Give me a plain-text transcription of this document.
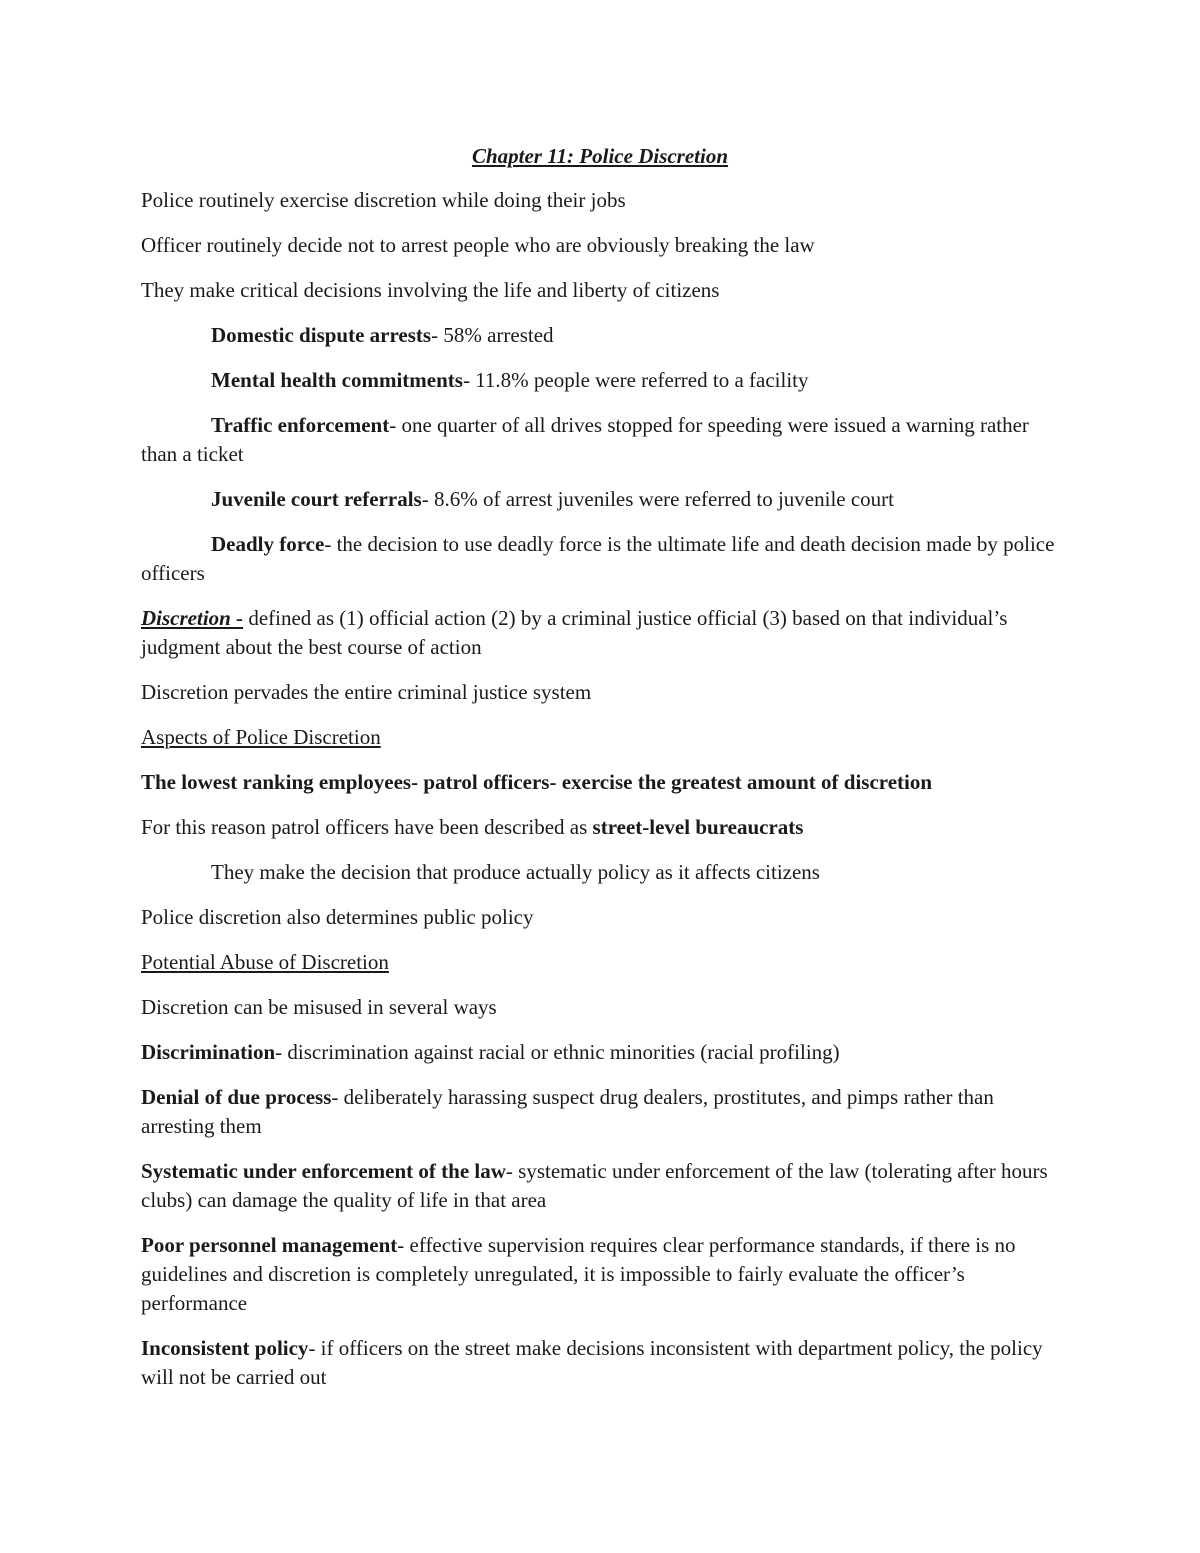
Chapter 11: Police Discretion

Police routinely exercise discretion while doing their jobs

Officer routinely decide not to arrest people who are obviously breaking the law

They make critical decisions involving the life and liberty of citizens

Domestic dispute arrests- 58% arrested

Mental health commitments- 11.8% people were referred to a facility

Traffic enforcement- one quarter of all drives stopped for speeding were issued a warning rather than a ticket

Juvenile court referrals- 8.6% of arrest juveniles were referred to juvenile court

Deadly force- the decision to use deadly force is the ultimate life and death decision made by police officers

Discretion - defined as (1) official action (2) by a criminal justice official (3) based on that individual’s judgment about the best course of action

Discretion pervades the entire criminal justice system

Aspects of Police Discretion

The lowest ranking employees- patrol officers- exercise the greatest amount of discretion

For this reason patrol officers have been described as street-level bureaucrats

They make the decision that produce actually policy as it affects citizens

Police discretion also determines public policy

Potential Abuse of Discretion

Discretion can be misused in several ways

Discrimination- discrimination against racial or ethnic minorities (racial profiling)

Denial of due process- deliberately harassing suspect drug dealers, prostitutes, and pimps rather than arresting them

Systematic under enforcement of the law- systematic under enforcement of the law (tolerating after hours clubs) can damage the quality of life in that area

Poor personnel management- effective supervision requires clear performance standards, if there is no guidelines and discretion is completely unregulated, it is impossible to fairly evaluate the officer’s performance

Inconsistent policy- if officers on the street make decisions inconsistent with department policy, the policy will not be carried out
